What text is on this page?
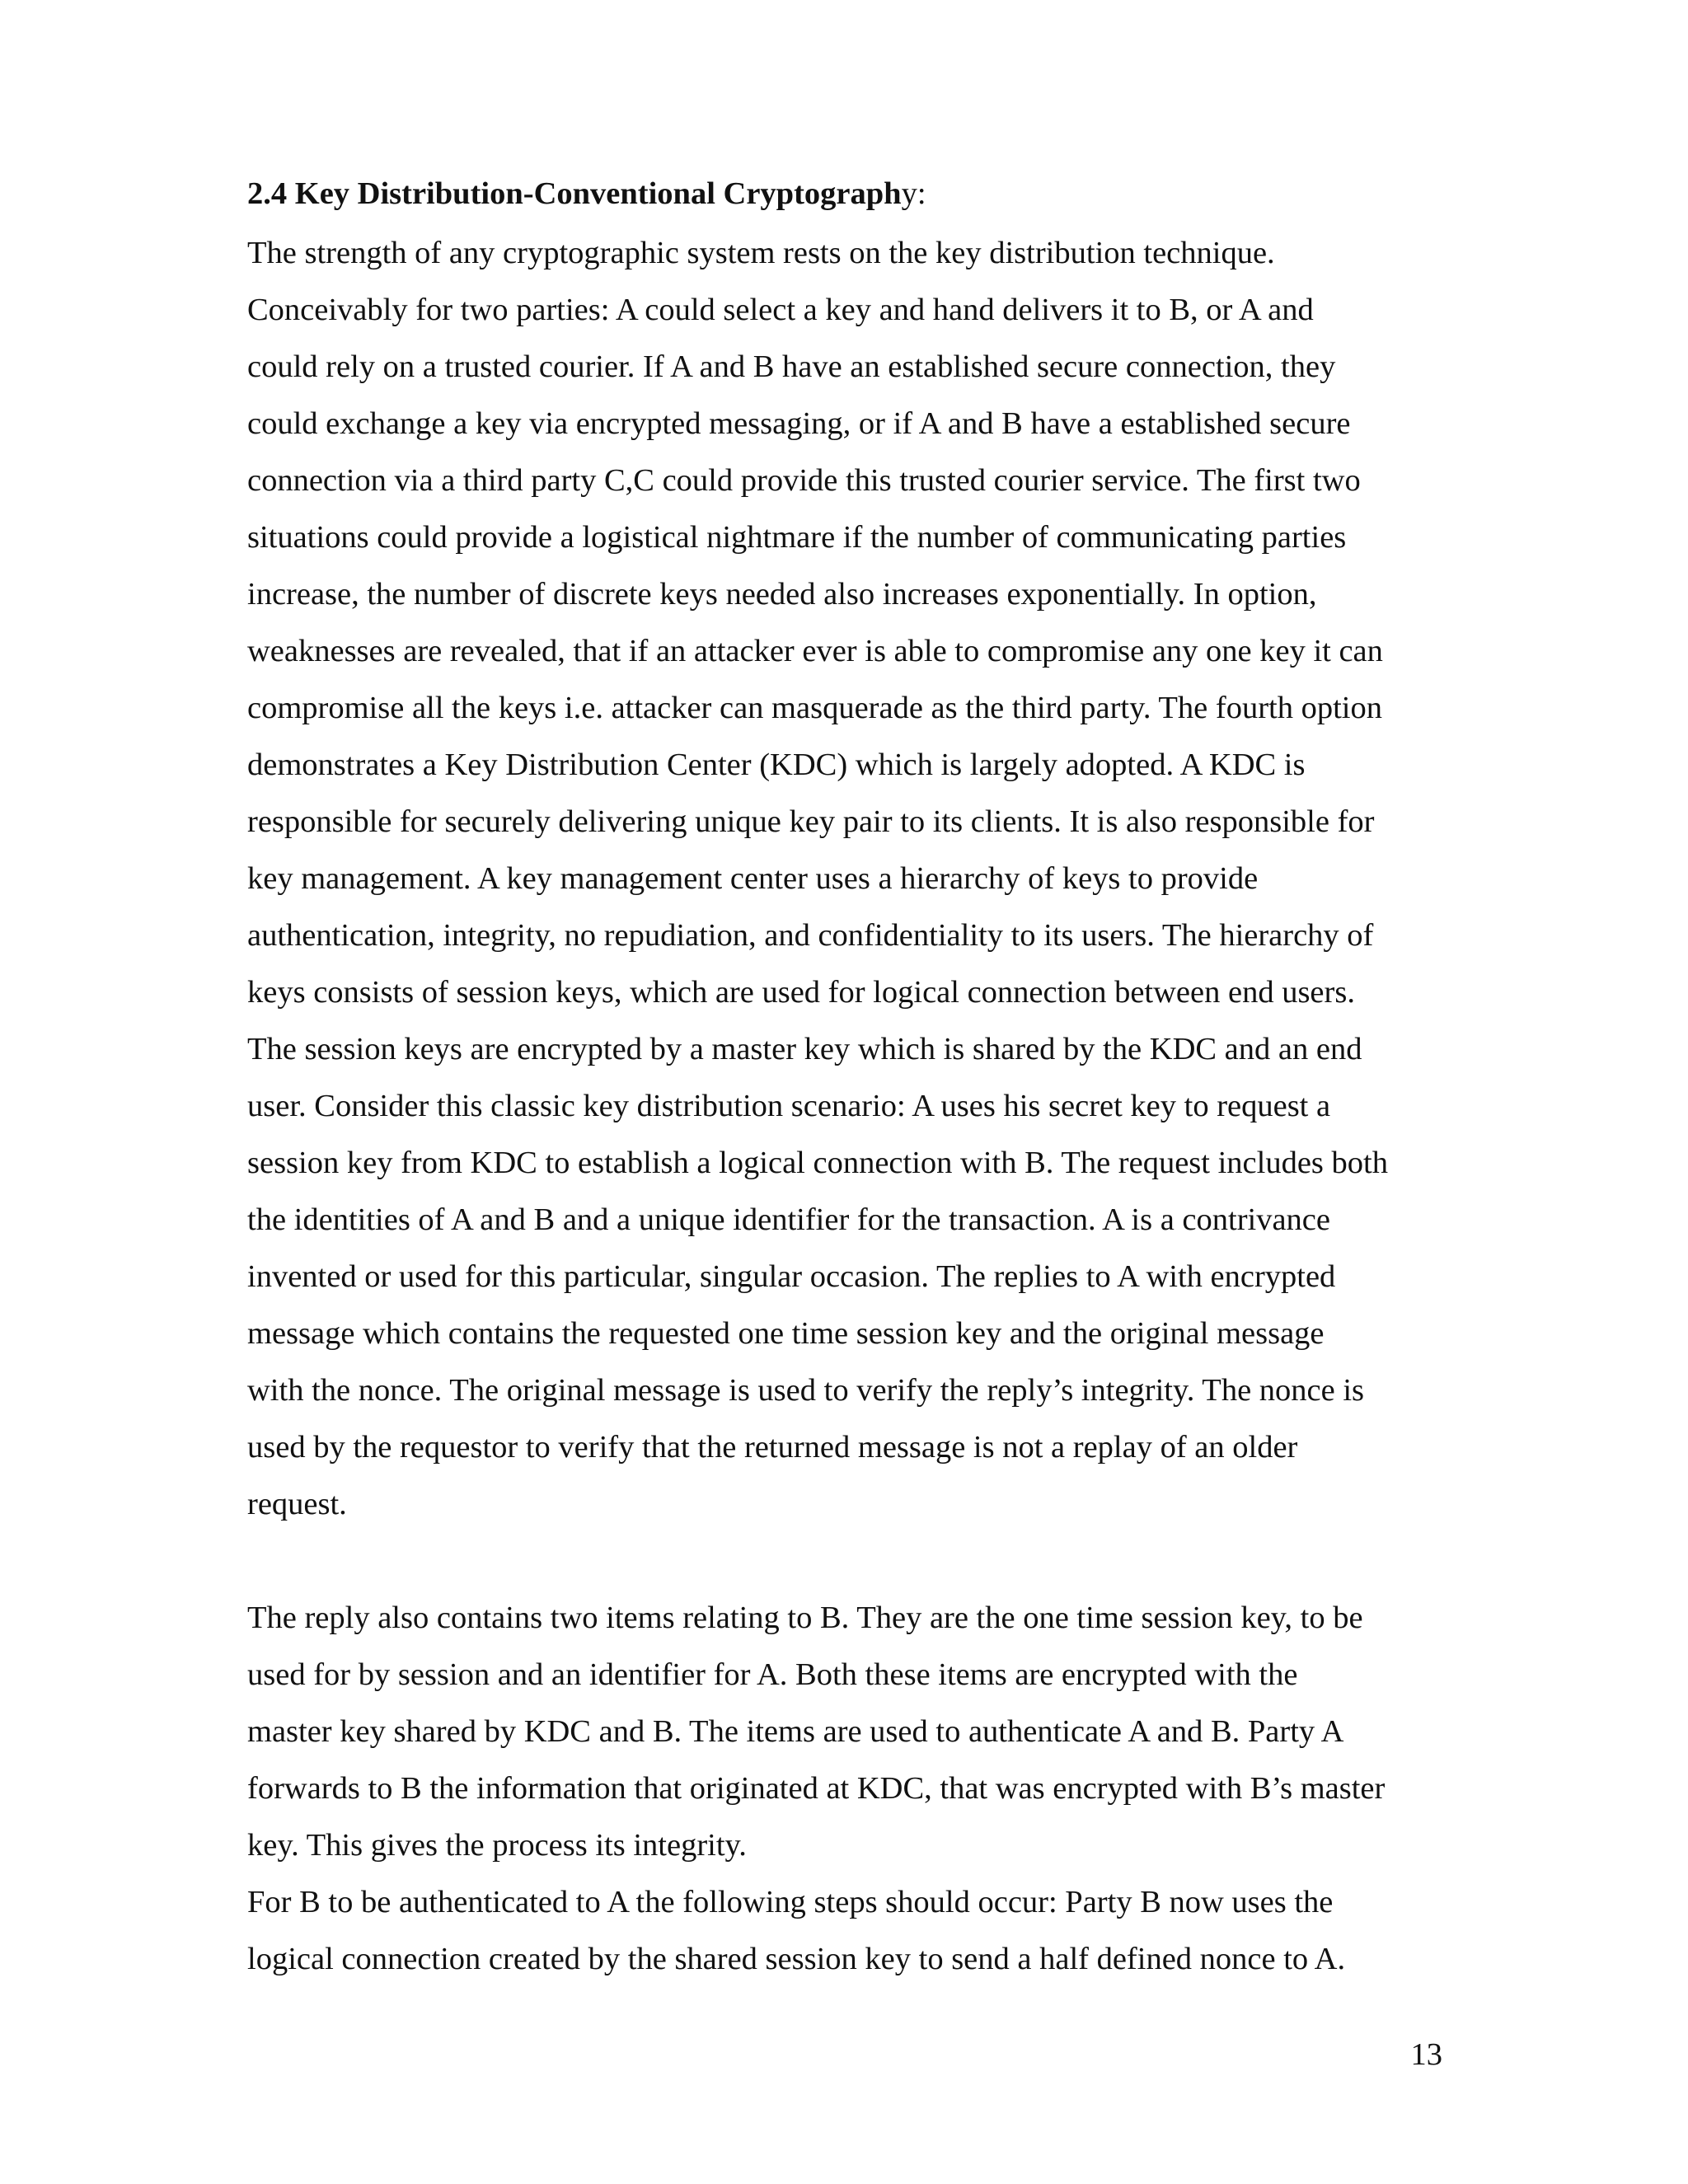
2.4 Key Distribution-Conventional Cryptography:
The strength of any cryptographic system rests on the key distribution technique.
Conceivably for two parties: A could select a key and hand delivers it to B, or A and
could rely on a trusted courier. If A and B have an established secure connection, they
could exchange a key via encrypted messaging, or if A and B have a established secure
connection via a third party C,C could provide this trusted courier service. The first two
situations could provide a logistical nightmare if the number of communicating parties
increase, the number of discrete keys needed also increases exponentially. In option,
weaknesses are revealed, that if an attacker ever is able to compromise any one key it can
compromise all the keys i.e. attacker can masquerade as the third party. The fourth option
demonstrates a Key Distribution Center (KDC) which is largely adopted. A KDC is
responsible for securely delivering unique key pair to its clients. It is also responsible for
key management. A key management center uses a hierarchy of keys to provide
authentication, integrity, no repudiation, and confidentiality to its users. The hierarchy of
keys consists of session keys, which are used for logical connection between end users.
The session keys are encrypted by a master key which is shared by the KDC and an end
user. Consider this classic key distribution scenario: A uses his secret key to request a
session key from KDC to establish a logical connection with B. The request includes both
the identities of A and B and a unique identifier for the transaction. A is a contrivance
invented or used for this particular, singular occasion. The replies to A with encrypted
message which contains the requested one time session key and the original message
with the nonce. The original message is used to verify the reply’s integrity. The nonce is
used by the requestor to verify that the returned message is not a replay of an older
request.
The reply also contains two items relating to B. They are the one time session key, to be
used for by session and an identifier for A. Both these items are encrypted with the
master key shared by KDC and B. The items are used to authenticate A and B. Party A
forwards to B the information that originated at KDC, that was encrypted with B’s master
key. This gives the process its integrity.
For B to be authenticated to A the following steps should occur: Party B now uses the
logical connection created by the shared session key to send a half defined nonce to A.
13
